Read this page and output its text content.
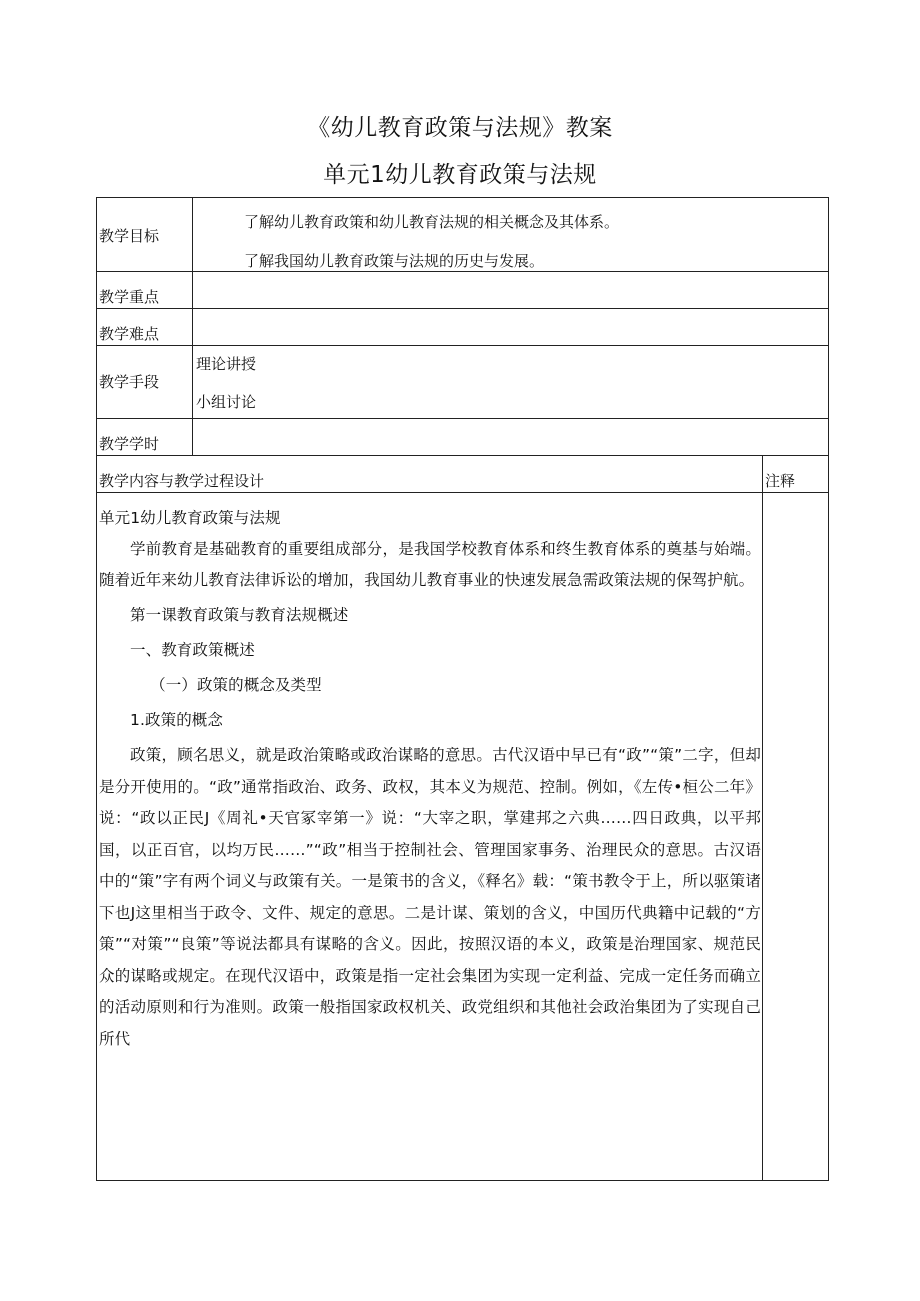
《幼儿教育政策与法规》教案
单元1幼儿教育政策与法规
教学目标
教学重点
教学难点
教学手段
教学学时
了解幼儿教育政策和幼儿教育法规的相关概念及其体系。
了解我国幼儿教育政策与法规的历史与发展。
理论讲授
小组讨论
教学内容与教学过程设计	注释

单元1幼儿教育政策与法规

学前教育是基础教育的重要组成部分，是我国学校教育体系和终生教育体系的奠基与始端。随着近年来幼儿教育法律诉讼的增加，我国幼儿教育事业的快速发展急需政策法规的保驾护航。

第一课教育政策与教育法规概述

一、教育政策概述

（一）政策的概念及类型

1.政策的概念

政策，顾名思义，就是政治策略或政治谋略的意思。古代汉语中早已有“政”“策”二字，但却是分开使用的。“政”通常指政治、政务、政权，其本义为规范、控制。例如，《左传•桓公二年》说：“政以正民J《周礼•天官冢宰第一》说：“大宰之职，掌建邦之六典……四日政典，以平邦国，以正百官，以均万民……”“政”相当于控制社会、管理国家事务、治理民众的意思。古汉语中的“策”字有两个词义与政策有关。一是策书的含义，《释名》载：“策书教令于上，所以驱策诸下也J这里相当于政令、文件、规定的意思。二是计谋、策划的含义，中国历代典籍中记载的“方策”“对策”“良策”等说法都具有谋略的含义。因此，按照汉语的本义，政策是治理国家、规范民众的谋略或规定。在现代汉语中，政策是指一定社会集团为实现一定利益、完成一定任务而确立的活动原则和行为准则。政策一般指国家政权机关、政党组织和其他社会政治集团为了实现自己所代
